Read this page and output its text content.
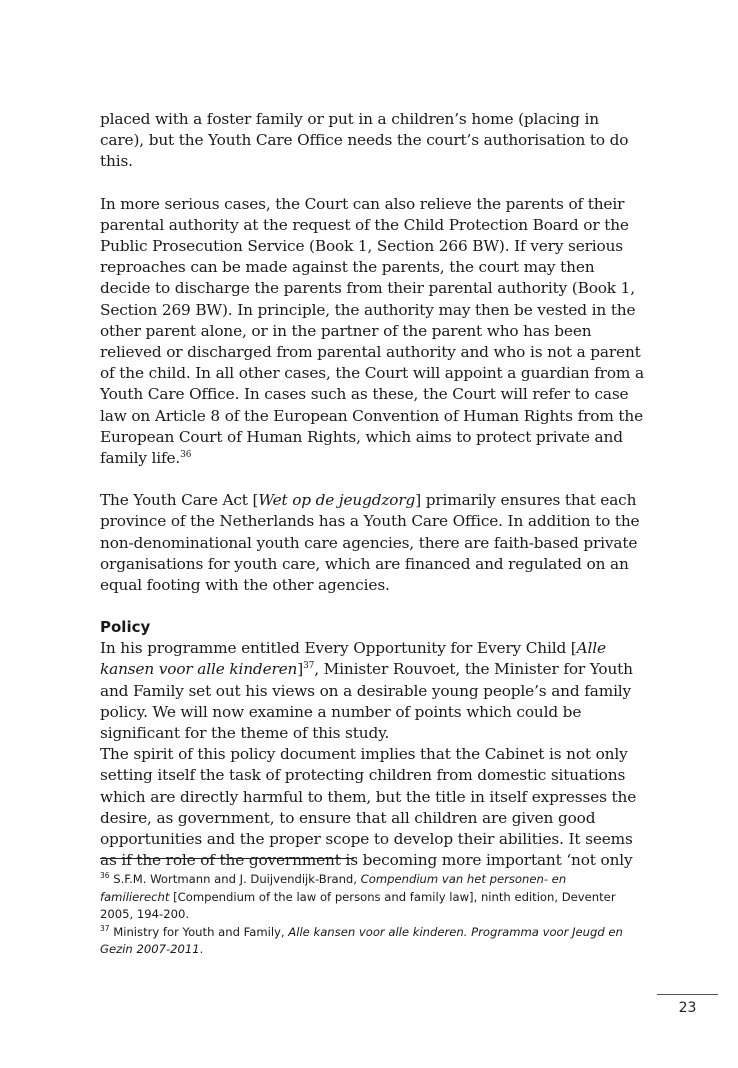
placed with a foster family or put in a children’s home (placing in care), but the Youth Care Office needs the court’s authorisation to do this.

In more serious cases, the Court can also relieve the parents of their parental authority at the request of the Child Protection Board or the Public Prosecution Service (Book 1, Section 266 BW). If very serious reproaches can be made against the parents, the court may then decide to discharge the parents from their parental authority (Book 1, Section 269 BW). In principle, the authority may then be vested in the other parent alone, or in the partner of the parent who has been relieved or discharged from parental authority and who is not a parent of the child. In all other cases, the Court will appoint a guardian from a Youth Care Office. In cases such as these, the Court will refer to case law on Article 8 of the European Convention of Human Rights from the European Court of Human Rights, which aims to protect private and family life.$^{36}$

The Youth Care Act [Wet op de jeugdzorg] primarily ensures that each province of the Netherlands has a Youth Care Office. In addition to the non-denominational youth care agencies, there are faith-based private organisations for youth care, which are financed and regulated on an equal footing with the other agencies.

Policy

In his programme entitled Every Opportunity for Every Child [Alle kansen voor alle kinderen]$^{37}$, Minister Rouvoet, the Minister for Youth and Family set out his views on a desirable young people’s and family policy. We will now examine a number of points which could be significant for the theme of this study.

The spirit of this policy document implies that the Cabinet is not only setting itself the task of protecting children from domestic situations which are directly harmful to them, but the title in itself expresses the desire, as government, to ensure that all children are given good opportunities and the proper scope to develop their abilities. It seems as if the role of the government is becoming more important ‘not only

$^{36}$ S.F.M. Wortmann and J. Duijvendijk-Brand, Compendium van het personen- en familierecht [Compendium of the law of persons and family law], ninth edition, Deventer 2005, 194-200.

$^{37}$ Ministry for Youth and Family, Alle kansen voor alle kinderen. Programma voor Jeugd en Gezin 2007-2011.

23
